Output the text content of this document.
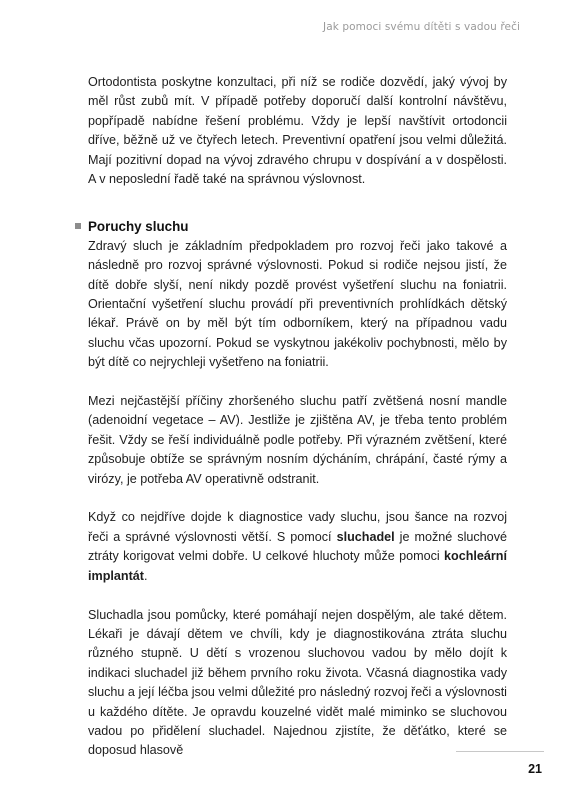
Jak pomoci svému dítěti s vadou řeči

Ortodontista poskytne konzultaci, při níž se rodiče dozvědí, jaký vývoj by měl růst zubů mít. V případě potřeby doporučí další kontrolní návštěvu, popřípadě nabídne řešení problému. Vždy je lepší navštívit ortodoncii dříve, běžně už ve čtyřech letech. Preventivní opatření jsou velmi důležitá. Mají pozitivní dopad na vývoj zdravého chrupu v dospívání a v dospělosti. A v neposlední řadě také na správnou výslovnost.

Poruchy sluchu

Zdravý sluch je základním předpokladem pro rozvoj řeči jako takové a následně pro rozvoj správné výslovnosti. Pokud si rodiče nejsou jistí, že dítě dobře slyší, není nikdy pozdě provést vyšetření sluchu na foniatrii. Orientační vyšetření sluchu provádí při preventivních prohlídkách dětský lékař. Právě on by měl být tím odborníkem, který na případnou vadu sluchu včas upozorní. Pokud se vyskytnou jakékoliv pochybnosti, mělo by být dítě co nejrychleji vyšetřeno na foniatrii.

Mezi nejčastější příčiny zhoršeného sluchu patří zvětšená nosní mandle (adenoidní vegetace – AV). Jestliže je zjištěna AV, je třeba tento problém řešit. Vždy se řeší individuálně podle potřeby. Při výrazném zvětšení, které způsobuje obtíže se správným nosním dýcháním, chrápání, časté rýmy a virózy, je potřeba AV operativně odstranit.

Když co nejdříve dojde k diagnostice vady sluchu, jsou šance na rozvoj řeči a správné výslovnosti větší. S pomocí sluchadel je možné sluchové ztráty korigovat velmi dobře. U celkové hluchoty může pomoci kochleární implantát.

Sluchadla jsou pomůcky, které pomáhají nejen dospělým, ale také dětem. Lékaři je dávají dětem ve chvíli, kdy je diagnostikována ztráta sluchu různého stupně. U dětí s vrozenou sluchovou vadou by mělo dojít k indikaci sluchadel již během prvního roku života. Včasná diagnostika vady sluchu a její léčba jsou velmi důležité pro následný rozvoj řeči a výslovnosti u každého dítěte. Je opravdu kouzelné vidět malé miminko se sluchovou vadou po přidělení sluchadel. Najednou zjistíte, že děťátko, které se doposud hlasově

21
